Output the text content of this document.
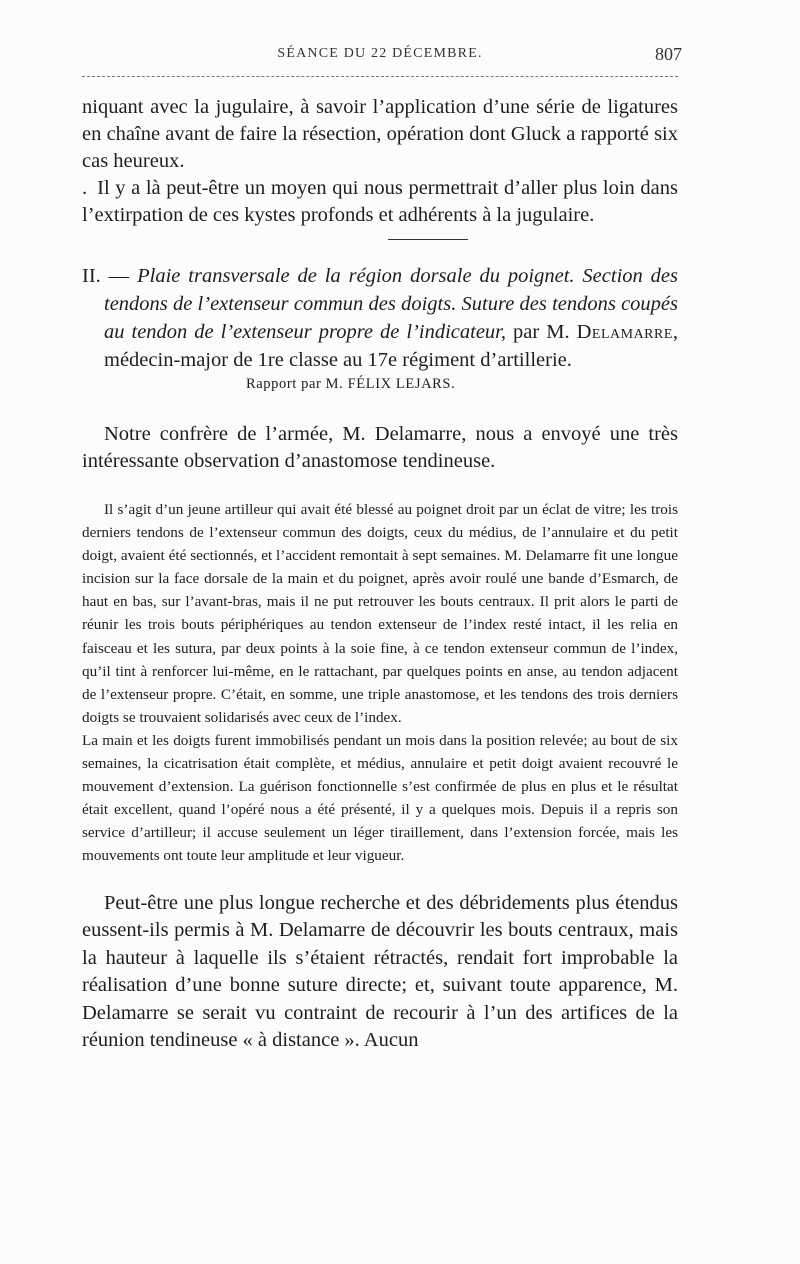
SÉANCE DU 22 DÉCEMBRE.	807

niquant avec la jugulaire, à savoir l’application d’une série de ligatures en chaîne avant de faire la résection, opération dont Gluck a rapporté six cas heureux.

. Il y a là peut-être un moyen qui nous permettrait d’aller plus loin dans l’extirpation de ces kystes profonds et adhérents à la jugulaire.

II. — Plaie transversale de la région dorsale du poignet. Section des tendons de l’extenseur commun des doigts. Suture des tendons coupés au tendon de l’extenseur propre de l’indicateur, par M. Delamarre, médecin-major de 1re classe au 17e régiment d’artillerie.

Rapport par M. FÉLIX LEJARS.

Notre confrère de l’armée, M. Delamarre, nous a envoyé une très intéressante observation d’anastomose tendineuse.

Il s’agit d’un jeune artilleur qui avait été blessé au poignet droit par un éclat de vitre; les trois derniers tendons de l’extenseur commun des doigts, ceux du médius, de l’annulaire et du petit doigt, avaient été sectionnés, et l’accident remontait à sept semaines. M. Delamarre fit une longue incision sur la face dorsale de la main et du poignet, après avoir roulé une bande d’Esmarch, de haut en bas, sur l’avant-bras, mais il ne put retrouver les bouts centraux. Il prit alors le parti de réunir les trois bouts périphériques au tendon extenseur de l’index resté intact, il les relia en faisceau et les sutura, par deux points à la soie fine, à ce tendon extenseur commun de l’index, qu’il tint à renforcer lui-même, en le rattachant, par quelques points en anse, au tendon adjacent de l’extenseur propre. C’était, en somme, une triple anastomose, et les tendons des trois derniers doigts se trouvaient solidarisés avec ceux de l’index.

La main et les doigts furent immobilisés pendant un mois dans la position relevée; au bout de six semaines, la cicatrisation était complète, et médius, annulaire et petit doigt avaient recouvré le mouvement d’extension. La guérison fonctionnelle s’est confirmée de plus en plus et le résultat était excellent, quand l’opéré nous a été présenté, il y a quelques mois. Depuis il a repris son service d’artilleur; il accuse seulement un léger tiraillement, dans l’extension forcée, mais les mouvements ont toute leur amplitude et leur vigueur.

Peut-être une plus longue recherche et des débridements plus étendus eussent-ils permis à M. Delamarre de découvrir les bouts centraux, mais la hauteur à laquelle ils s’étaient rétractés, rendait fort improbable la réalisation d’une bonne suture directe; et, suivant toute apparence, M. Delamarre se serait vu contraint de recourir à l’un des artifices de la réunion tendineuse « à distance ». Aucun
